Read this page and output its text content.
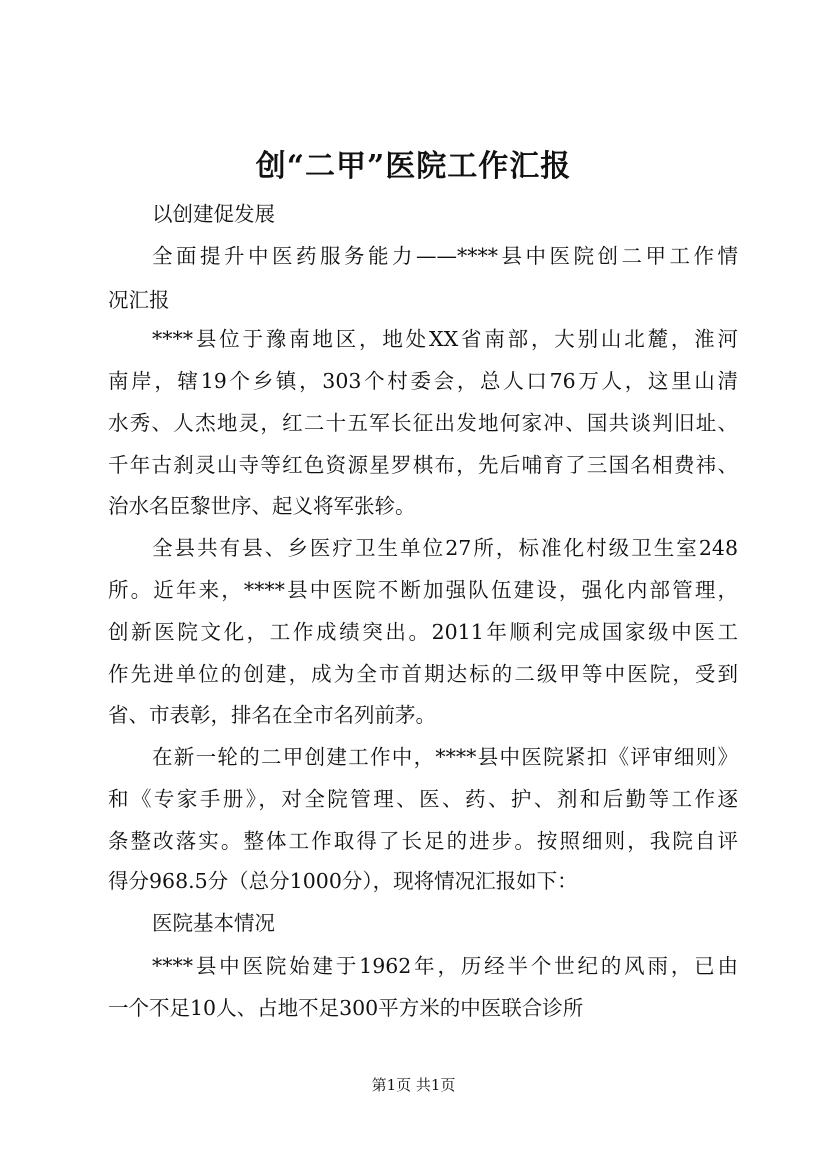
创“二甲”医院工作汇报
以创建促发展
全面提升中医药服务能力——****县中医院创二甲工作情
况汇报
****县位于豫南地区，地处XX省南部，大别山北麓，淮河
南岸，辖19个乡镇，303个村委会，总人口76万人，这里山清
水秀、人杰地灵，红二十五军长征出发地何家冲、国共谈判旧址、
千年古刹灵山寺等红色资源星罗棋布，先后哺育了三国名相费祎、
治水名臣黎世序、起义将军张轸。
全县共有县、乡医疗卫生单位27所，标准化村级卫生室248
所。近年来，****县中医院不断加强队伍建设，强化内部管理，
创新医院文化，工作成绩突出。2011年顺利完成国家级中医工
作先进单位的创建，成为全市首期达标的二级甲等中医院，受到
省、市表彰，排名在全市名列前茅。
在新一轮的二甲创建工作中，****县中医院紧扣《评审细则》
和《专家手册》，对全院管理、医、药、护、剂和后勤等工作逐
条整改落实。整体工作取得了长足的进步。按照细则，我院自评
得分968.5分（总分1000分），现将情况汇报如下：
医院基本情况
****县中医院始建于1962年，历经半个世纪的风雨，已由
一个不足10人、占地不足300平方米的中医联合诊所
第1页 共1页
